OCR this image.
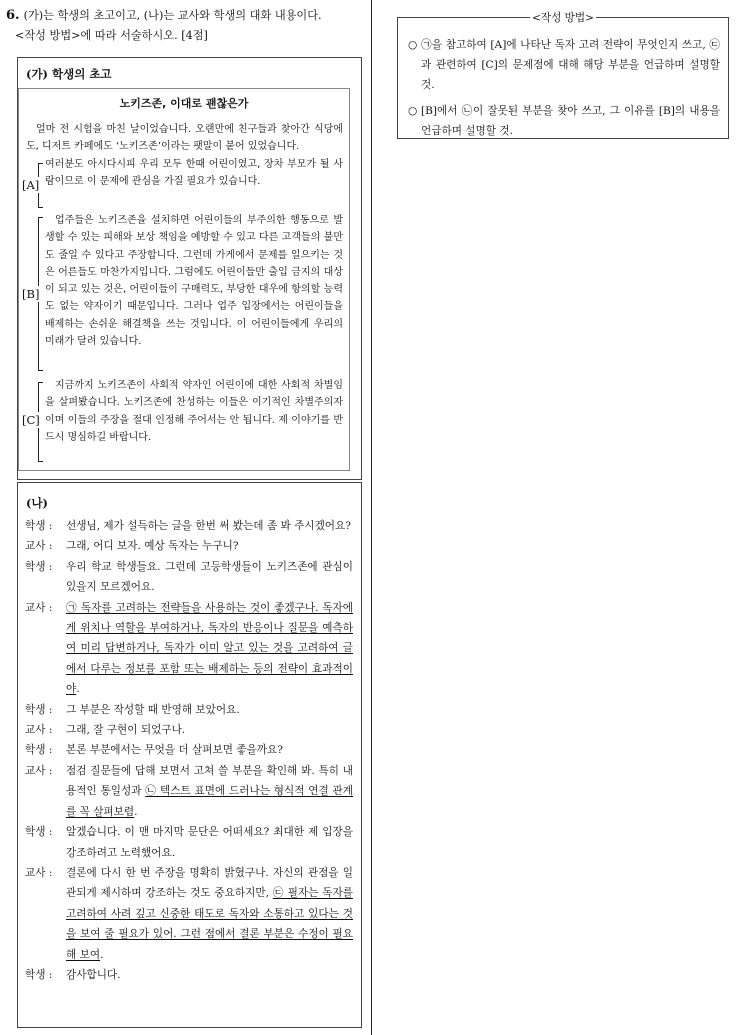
6. (가)는 학생의 초고이고, (나)는 교사와 학생의 대화 내용이다.
<작성 방법>에 따라 서술하시오. [4점]
(가) 학생의 초고
노키즈존, 이대로 괜찮은가

얼마 전 시험을 마친 날이었습니다. 오랜만에 친구들과 찾아간 식당에도, 디저트 카페에도 ‘노키즈존’이라는 팻말이 붙어 있었습니다.

여러분도 아시다시피 우리 모두 한때 어린이였고, 장차 부모가 될 사람이므로 이 문제에 관심을 가질 필요가 있습니다.

업주들은 노키즈존을 설치하면 어린이들의 부주의한 행동으로 발생할 수 있는 피해와 보상 책임을 예방할 수 있고 다른 고객들의 불만도 줄일 수 있다고 주장합니다. 그런데 가게에서 문제를 일으키는 것은 어른들도 마찬가지입니다. 그럼에도 어린이들만 출입 금지의 대상이 되고 있는 것은, 어린이들이 구매력도, 부당한 대우에 항의할 능력도 없는 약자이기 때문입니다. 그러나 업주 입장에서는 어린이들을 배제하는 손쉬운 해결책을 쓰는 것입니다. 이 어린이들에게 우리의 미래가 달려 있습니다.

지금까지 노키즈존이 사회적 약자인 어린이에 대한 사회적 차별임을 살펴봤습니다. 노키즈존에 찬성하는 이들은 이기적인 차별주의자이며 이들의 주장을 절대 인정해 주어서는 안 됩니다. 제 이야기를 반드시 명심하길 바랍니다.

[A]
[B]
[C]
(나)
학생 :	선생님, 제가 설득하는 글을 한번 써 봤는데 좀 봐 주시겠어요?
교사 :	그래, 어디 보자. 예상 독자는 누구니?
학생 :	우리 학교 학생들요. 그런데 고등학생들이 노키즈존에 관심이 있을지 모르겠어요.
교사 :	㉠ 독자를 고려하는 전략들을 사용하는 것이 좋겠구나. 독자에게 위치나 역할을 부여하거나, 독자의 반응이나 질문을 예측하여 미리 답변하거나, 독자가 이미 알고 있는 것을 고려하여 글에서 다루는 정보를 포함 또는 배제하는 등의 전략이 효과적이야.
학생 :	그 부분은 작성할 때 반영해 보았어요.
교사 :	그래, 잘 구현이 되었구나.
학생 :	본론 부분에서는 무엇을 더 살펴보면 좋을까요?
교사 :	점검 질문들에 답해 보면서 고쳐 쓸 부분을 확인해 봐. 특히 내용적인 통일성과 ㉡ 텍스트 표면에 드러나는 형식적 연결 관계를 꼭 살펴보렴.
학생 :	알겠습니다. 이 맨 마지막 문단은 어떠세요? 최대한 제 입장을 강조하려고 노력했어요.
교사 :	결론에 다시 한 번 주장을 명확히 밝혔구나. 자신의 관점을 일관되게 제시하며 강조하는 것도 중요하지만, ㉢ 필자는 독자를 고려하여 사려 깊고 신중한 태도로 독자와 소통하고 있다는 것을 보여 줄 필요가 있어. 그런 점에서 결론 부분은 수정이 필요해 보여.
학생 :	감사합니다.
<작성 방법>
○ ㉠을 참고하여 [A]에 나타난 독자 고려 전략이 무엇인지 쓰고, ㉢과 관련하여 [C]의 문제점에 대해 해당 부분을 언급하며 설명할 것.
○ [B]에서 ㉡이 잘못된 부분을 찾아 쓰고, 그 이유를 [B]의 내용을 언급하며 설명할 것.
